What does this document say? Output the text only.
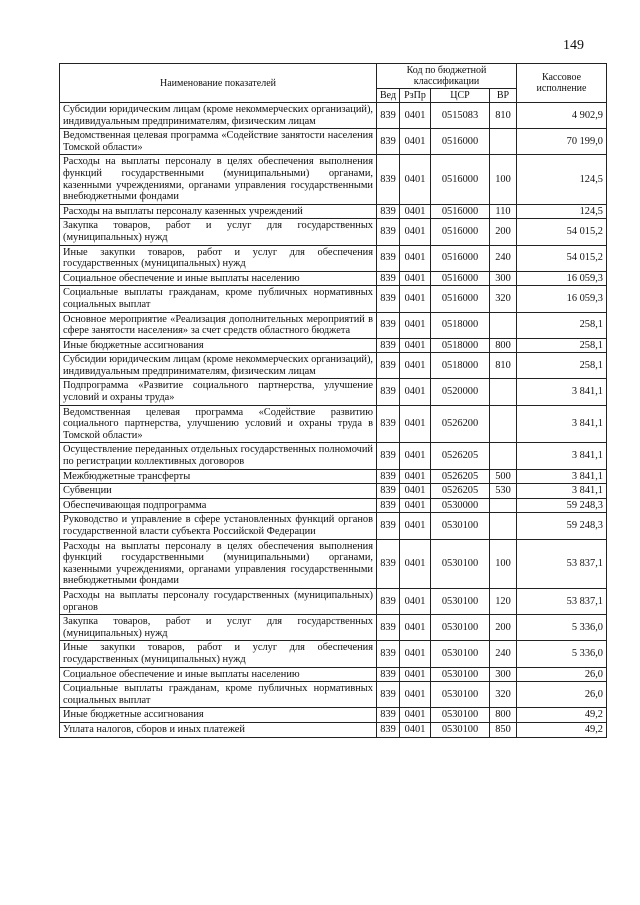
149
Наименование показателей	Код по бюджетной классификации				Кассовое исполнение
	Вед	РзПр	ЦСР	ВР	
Субсидии юридическим лицам (кроме некоммерческих организаций), индивидуальным предпринимателям, физическим лицам	839	0401	0515083	810	4 902,9
Ведомственная целевая программа «Содействие занятости населения Томской области»	839	0401	0516000		70 199,0
Расходы на выплаты персоналу в целях обеспечения выполнения функций государственными (муниципальными) органами, казенными учреждениями, органами управления государственными внебюджетными фондами	839	0401	0516000	100	124,5
Расходы на выплаты персоналу казенных учреждений	839	0401	0516000	110	124,5
Закупка товаров, работ и услуг для государственных (муниципальных) нужд	839	0401	0516000	200	54 015,2
Иные закупки товаров, работ и услуг для обеспечения государственных (муниципальных) нужд	839	0401	0516000	240	54 015,2
Социальное обеспечение и иные выплаты населению	839	0401	0516000	300	16 059,3
Социальные выплаты гражданам, кроме публичных нормативных социальных выплат	839	0401	0516000	320	16 059,3
Основное мероприятие «Реализация дополнительных мероприятий в сфере занятости населения» за счет средств областного бюджета	839	0401	0518000		258,1
Иные бюджетные ассигнования	839	0401	0518000	800	258,1
Субсидии юридическим лицам (кроме некоммерческих организаций), индивидуальным предпринимателям, физическим лицам	839	0401	0518000	810	258,1
Подпрограмма «Развитие социального партнерства, улучшение условий и охраны труда»	839	0401	0520000		3 841,1
Ведомственная целевая программа «Содействие развитию социального партнерства, улучшению условий и охраны труда в Томской области»	839	0401	0526200		3 841,1
Осуществление переданных отдельных государственных полномочий по регистрации коллективных договоров	839	0401	0526205		3 841,1
Межбюджетные трансферты	839	0401	0526205	500	3 841,1
Субвенции	839	0401	0526205	530	3 841,1
Обеспечивающая подпрограмма	839	0401	0530000		59 248,3
Руководство и управление в сфере установленных функций органов государственной власти субъекта Российской Федерации	839	0401	0530100		59 248,3
Расходы на выплаты персоналу в целях обеспечения выполнения функций государственными (муниципальными) органами, казенными учреждениями, органами управления государственными внебюджетными фондами	839	0401	0530100	100	53 837,1
Расходы на выплаты персоналу государственных (муниципальных) органов	839	0401	0530100	120	53 837,1
Закупка товаров, работ и услуг для государственных (муниципальных) нужд	839	0401	0530100	200	5 336,0
Иные закупки товаров, работ и услуг для обеспечения государственных (муниципальных) нужд	839	0401	0530100	240	5 336,0
Социальное обеспечение и иные выплаты населению	839	0401	0530100	300	26,0
Социальные выплаты гражданам, кроме публичных нормативных социальных выплат	839	0401	0530100	320	26,0
Иные бюджетные ассигнования	839	0401	0530100	800	49,2
Уплата налогов, сборов и иных платежей	839	0401	0530100	850	49,2
